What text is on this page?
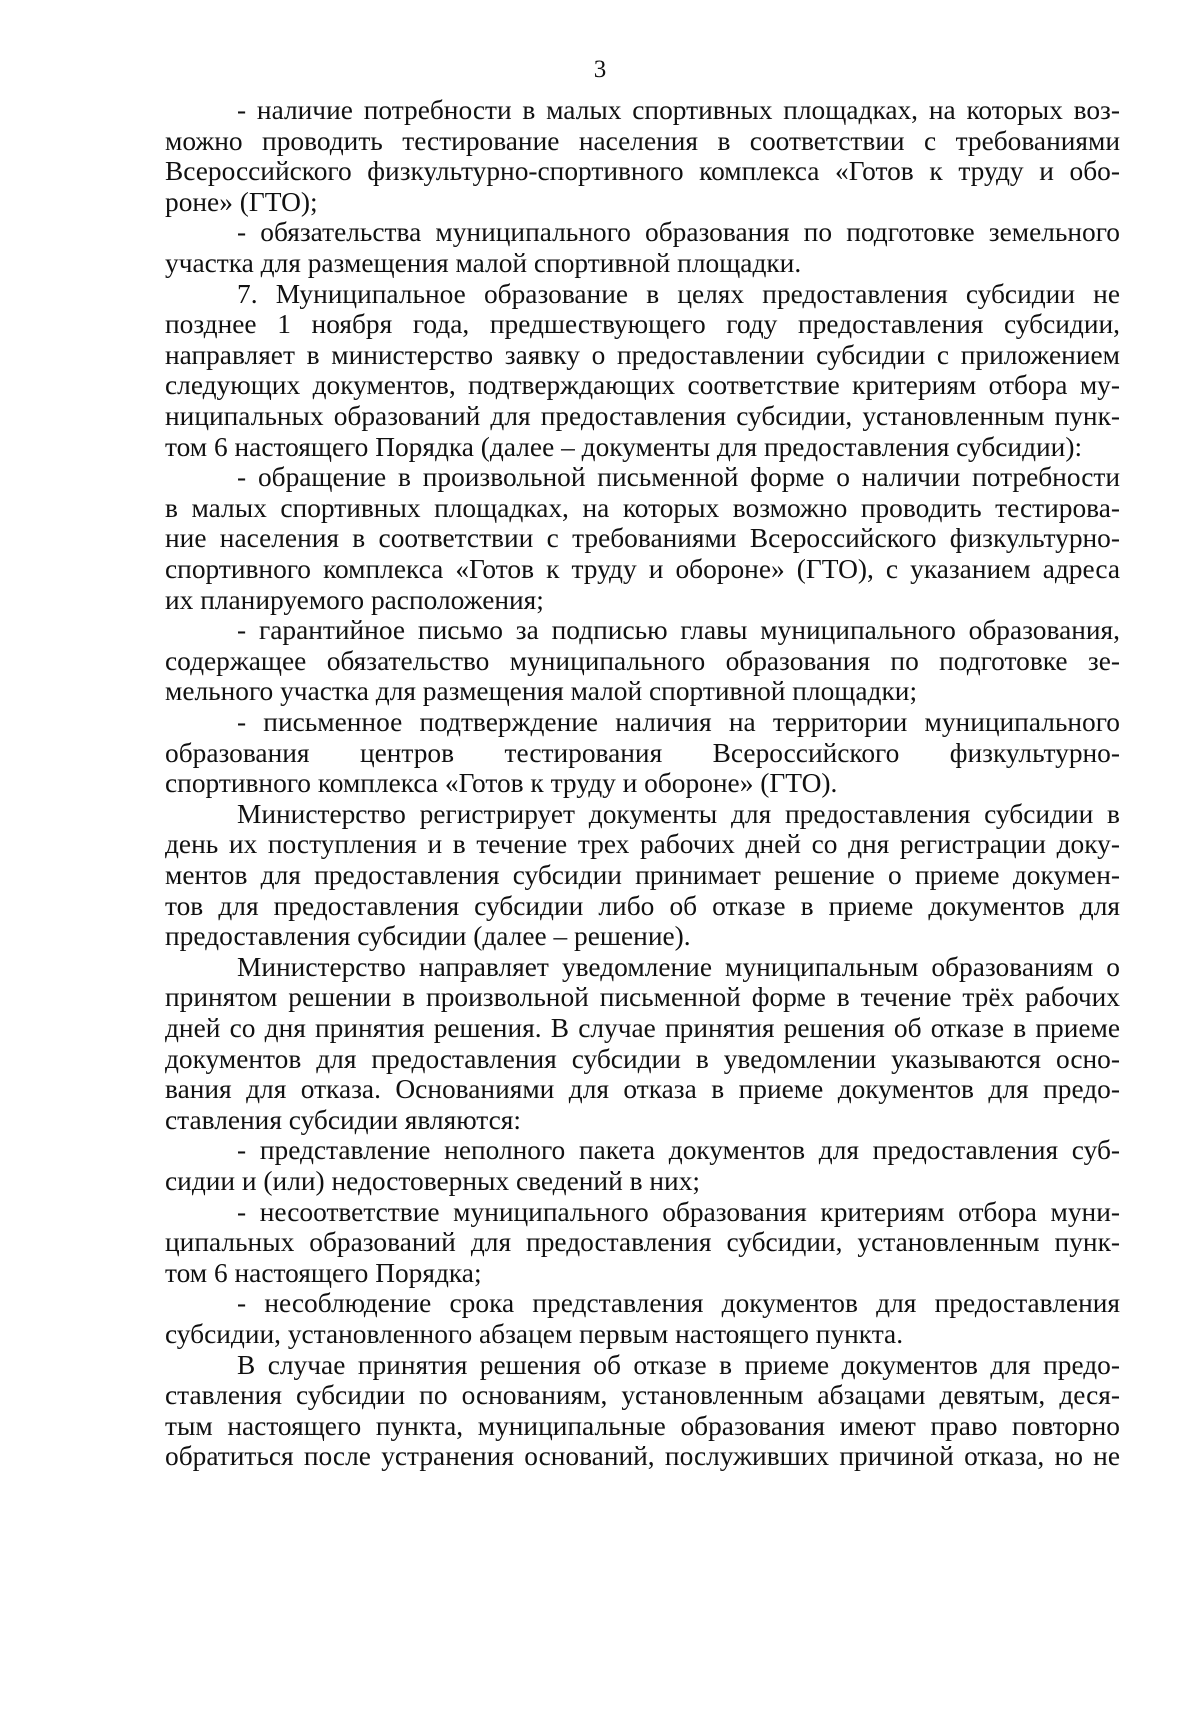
3
- наличие потребности в малых спортивных площадках, на которых воз-
можно проводить тестирование населения в соответствии с требованиями
Всероссийского физкультурно-спортивного комплекса «Готов к труду и обо-
роне» (ГТО);
- обязательства муниципального образования по подготовке земельного
участка для размещения малой спортивной площадки.
7. Муниципальное образование в целях предоставления субсидии не
позднее 1 ноября года, предшествующего году предоставления субсидии,
направляет в министерство заявку о предоставлении субсидии с приложением
следующих документов, подтверждающих соответствие критериям отбора му-
ниципальных образований для предоставления субсидии, установленным пунк-
том 6 настоящего Порядка (далее – документы для предоставления субсидии):
- обращение в произвольной письменной форме о наличии потребности
в малых спортивных площадках, на которых возможно проводить тестирова-
ние населения в соответствии с требованиями Всероссийского физкультурно-
спортивного комплекса «Готов к труду и обороне» (ГТО), с указанием адреса
их планируемого расположения;
- гарантийное письмо за подписью главы муниципального образования,
содержащее обязательство муниципального образования по подготовке зе-
мельного участка для размещения малой спортивной площадки;
- письменное подтверждение наличия на территории муниципального
образования центров тестирования Всероссийского физкультурно-
спортивного комплекса «Готов к труду и обороне» (ГТО).
Министерство регистрирует документы для предоставления субсидии в
день их поступления и в течение трех рабочих дней со дня регистрации доку-
ментов для предоставления субсидии принимает решение о приеме докумен-
тов для предоставления субсидии либо об отказе в приеме документов для
предоставления субсидии (далее – решение).
Министерство направляет уведомление муниципальным образованиям о
принятом решении в произвольной письменной форме в течение трёх рабочих
дней со дня принятия решения. В случае принятия решения об отказе в приеме
документов для предоставления субсидии в уведомлении указываются осно-
вания для отказа. Основаниями для отказа в приеме документов для предо-
ставления субсидии являются:
- представление неполного пакета документов для предоставления суб-
сидии и (или) недостоверных сведений в них;
- несоответствие муниципального образования критериям отбора муни-
ципальных образований для предоставления субсидии, установленным пунк-
том 6 настоящего Порядка;
- несоблюдение срока представления документов для предоставления
субсидии, установленного абзацем первым настоящего пункта.
В случае принятия решения об отказе в приеме документов для предо-
ставления субсидии по основаниям, установленным абзацами девятым, деся-
тым настоящего пункта, муниципальные образования имеют право повторно
обратиться после устранения оснований, послуживших причиной отказа, но не
